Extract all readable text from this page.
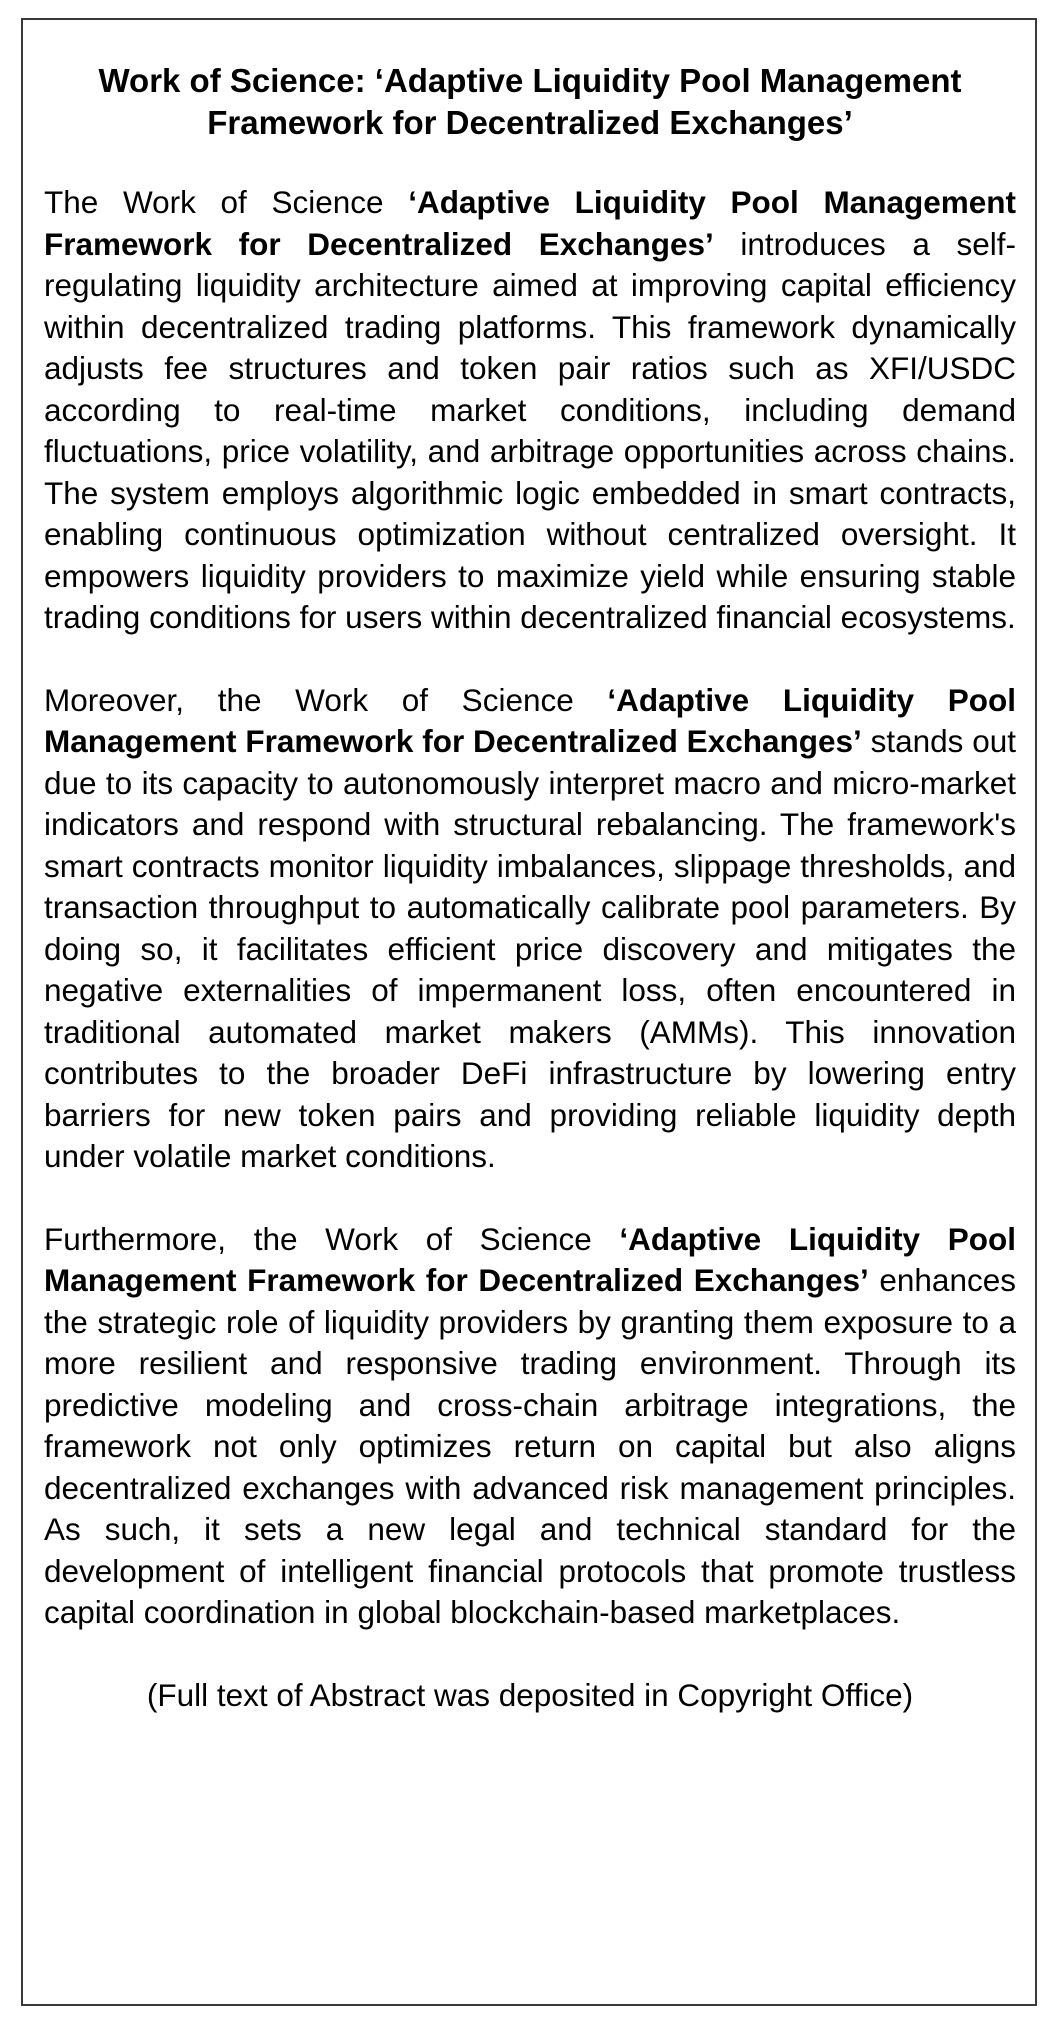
Work of Science: ‘Adaptive Liquidity Pool Management Framework for Decentralized Exchanges’

The Work of Science ‘Adaptive Liquidity Pool Management Framework for Decentralized Exchanges’ introduces a self-regulating liquidity architecture aimed at improving capital efficiency within decentralized trading platforms. This framework dynamically adjusts fee structures and token pair ratios such as XFI/USDC according to real-time market conditions, including demand fluctuations, price volatility, and arbitrage opportunities across chains. The system employs algorithmic logic embedded in smart contracts, enabling continuous optimization without centralized oversight. It empowers liquidity providers to maximize yield while ensuring stable trading conditions for users within decentralized financial ecosystems.

Moreover, the Work of Science ‘Adaptive Liquidity Pool Management Framework for Decentralized Exchanges’ stands out due to its capacity to autonomously interpret macro and micro-market indicators and respond with structural rebalancing. The framework's smart contracts monitor liquidity imbalances, slippage thresholds, and transaction throughput to automatically calibrate pool parameters. By doing so, it facilitates efficient price discovery and mitigates the negative externalities of impermanent loss, often encountered in traditional automated market makers (AMMs). This innovation contributes to the broader DeFi infrastructure by lowering entry barriers for new token pairs and providing reliable liquidity depth under volatile market conditions.

Furthermore, the Work of Science ‘Adaptive Liquidity Pool Management Framework for Decentralized Exchanges’ enhances the strategic role of liquidity providers by granting them exposure to a more resilient and responsive trading environment. Through its predictive modeling and cross-chain arbitrage integrations, the framework not only optimizes return on capital but also aligns decentralized exchanges with advanced risk management principles. As such, it sets a new legal and technical standard for the development of intelligent financial protocols that promote trustless capital coordination in global blockchain-based marketplaces.

(Full text of Abstract was deposited in Copyright Office)
